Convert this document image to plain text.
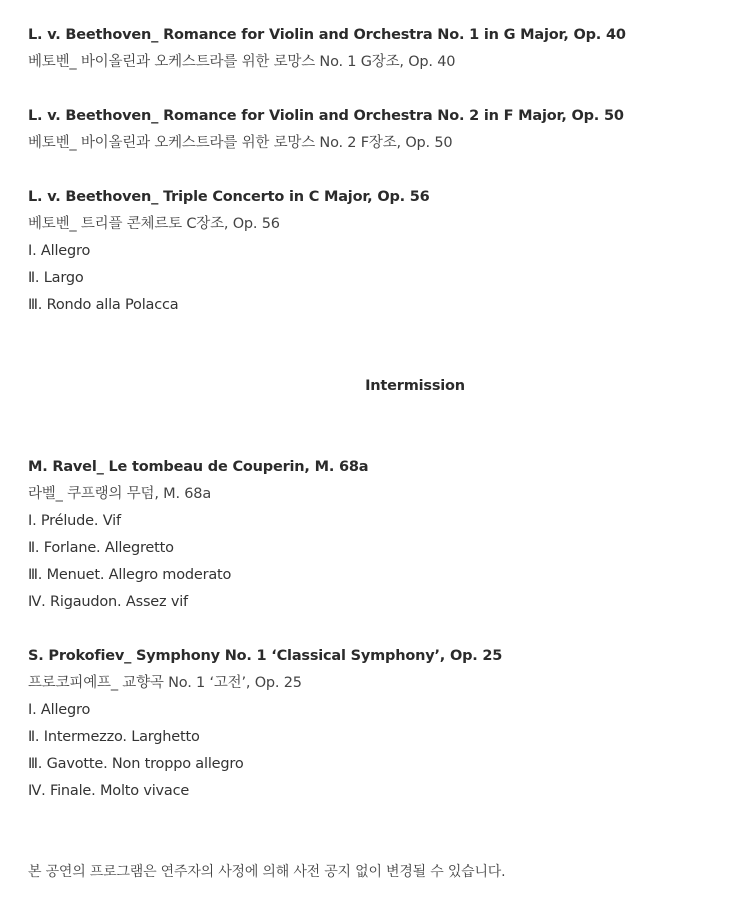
L. v. Beethoven_ Romance for Violin and Orchestra No. 1 in G Major, Op. 40
베토벤_ 바이올린과 오케스트라를 위한 로망스 No. 1 G장조, Op. 40
L. v. Beethoven_ Romance for Violin and Orchestra No. 2 in F Major, Op. 50
베토벤_ 바이올린과 오케스트라를 위한 로망스 No. 2 F장조, Op. 50
L. v. Beethoven_ Triple Concerto in C Major, Op. 56
베토벤_ 트리플 콘체르토 C장조, Op. 56
Ⅰ. Allegro
Ⅱ. Largo
Ⅲ. Rondo alla Polacca
Intermission
M. Ravel_ Le tombeau de Couperin, M. 68a
라벨_ 쿠프랭의 무덤, M. 68a
Ⅰ. Prélude. Vif
Ⅱ. Forlane. Allegretto
Ⅲ. Menuet. Allegro moderato
Ⅳ. Rigaudon. Assez vif
S. Prokofiev_ Symphony No. 1 ‘Classical Symphony’, Op. 25
프로코피예프_ 교향곡 No. 1 ‘고전’, Op. 25
Ⅰ. Allegro
Ⅱ. Intermezzo. Larghetto
Ⅲ. Gavotte. Non troppo allegro
Ⅳ. Finale. Molto vivace
본 공연의 프로그램은 연주자의 사정에 의해 사전 공지 없이 변경될 수 있습니다.
